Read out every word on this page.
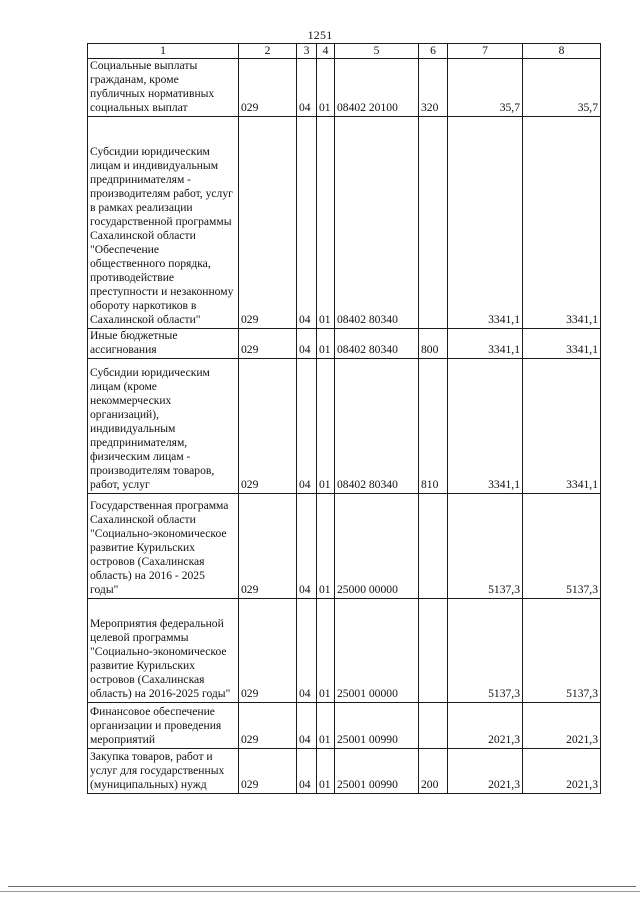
1251
1	2	3	4	5	6	7	8
Социальные выплаты гражданам, кроме публичных нормативных социальных выплат	029	04	01	08402 20100	320	35,7	35,7
Субсидии юридическим лицам и индивидуальным предпринимателям - производителям работ, услуг в рамках реализации государственной программы Сахалинской области "Обеспечение общественного порядка, противодействие преступности и незаконному обороту наркотиков в Сахалинской области"	029	04	01	08402 80340		3341,1	3341,1
Иные бюджетные ассигнования	029	04	01	08402 80340	800	3341,1	3341,1
Субсидии юридическим лицам (кроме некоммерческих организаций), индивидуальным предпринимателям, физическим лицам - производителям товаров, работ, услуг	029	04	01	08402 80340	810	3341,1	3341,1
Государственная программа Сахалинской области "Социально-экономическое развитие Курильских островов (Сахалинская область) на 2016 - 2025 годы"	029	04	01	25000 00000		5137,3	5137,3
Мероприятия федеральной целевой программы "Социально-экономическое развитие Курильских островов (Сахалинская область) на 2016-2025 годы"	029	04	01	25001 00000		5137,3	5137,3
Финансовое обеспечение организации и проведения мероприятий	029	04	01	25001 00990		2021,3	2021,3
Закупка товаров, работ и услуг для государственных (муниципальных) нужд	029	04	01	25001 00990	200	2021,3	2021,3
